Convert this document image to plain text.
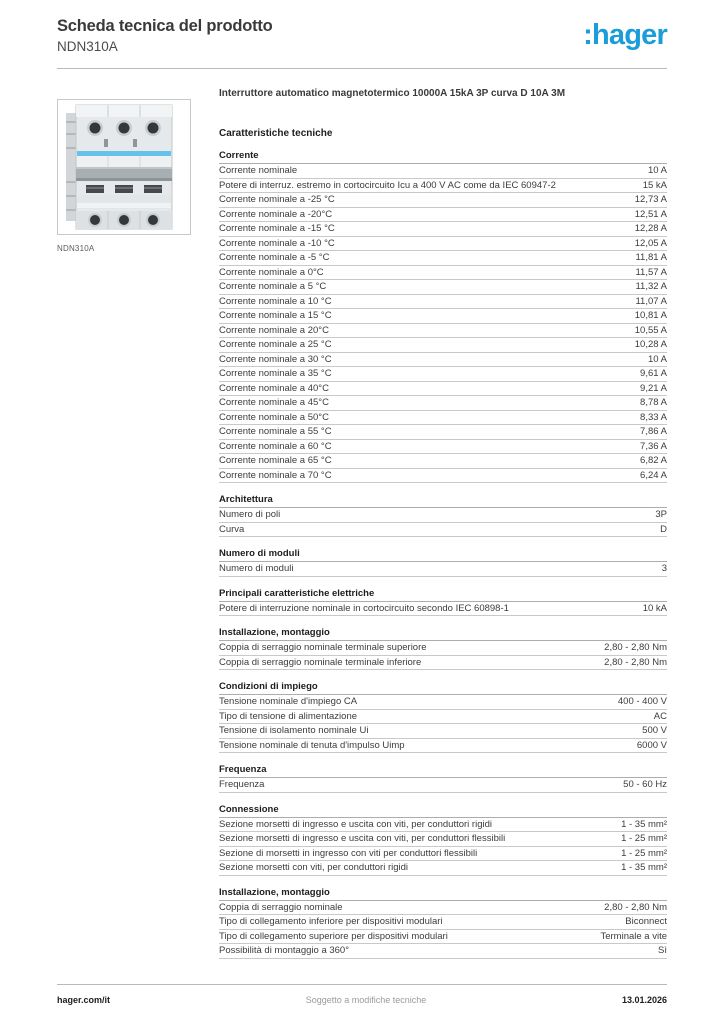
Scheda tecnica del prodotto
NDN310A	:hager
NDN310A
Interruttore automatico magnetotermico 10000A 15kA 3P curva D 10A 3M
Caratteristiche tecniche
Corrente
Corrente nominale	10 A
Potere di interruz. estremo in cortocircuito Icu a 400 V AC come da IEC 60947-2	15 kA
Corrente nominale a -25 °C	12,73 A
Corrente nominale a -20°C	12,51 A
Corrente nominale a -15 °C	12,28 A
Corrente nominale a -10 °C	12,05 A
Corrente nominale a -5 °C	11,81 A
Corrente nominale a 0°C	11,57 A
Corrente nominale a 5 °C	11,32 A
Corrente nominale a 10 °C	11,07 A
Corrente nominale a 15 °C	10,81 A
Corrente nominale a 20°C	10,55 A
Corrente nominale a 25 °C	10,28 A
Corrente nominale a 30 °C	10 A
Corrente nominale a 35 °C	9,61 A
Corrente nominale a 40°C	9,21 A
Corrente nominale a 45°C	8,78 A
Corrente nominale a 50°C	8,33 A
Corrente nominale a 55 °C	7,86 A
Corrente nominale a 60 °C	7,36 A
Corrente nominale a 65 °C	6,82 A
Corrente nominale a 70 °C	6,24 A
Architettura
Numero di poli	3P
Curva	D
Numero di moduli
Numero di moduli	3
Principali caratteristiche elettriche
Potere di interruzione nominale in cortocircuito secondo IEC 60898-1	10 kA
Installazione, montaggio
Coppia di serraggio nominale terminale superiore	2,80 - 2,80 Nm
Coppia di serraggio nominale terminale inferiore	2,80 - 2,80 Nm
Condizioni di impiego
Tensione nominale d'impiego CA	400 - 400 V
Tipo di tensione di alimentazione	AC
Tensione di isolamento nominale Ui	500 V
Tensione nominale di tenuta d'impulso Uimp	6000 V
Frequenza
Frequenza	50 - 60 Hz
Connessione
Sezione morsetti di ingresso e uscita con viti, per conduttori rigidi	1 - 35 mm²
Sezione morsetti di ingresso e uscita con viti, per conduttori flessibili	1 - 25 mm²
Sezione di morsetti in ingresso con viti per conduttori flessibili	1 - 25 mm²
Sezione morsetti con viti, per conduttori rigidi	1 - 35 mm²
Installazione, montaggio
Coppia di serraggio nominale	2,80 - 2,80 Nm
Tipo di collegamento inferiore per dispositivi modulari	Biconnect
Tipo di collegamento superiore per dispositivi modulari	Terminale a vite
Possibilità di montaggio a 360°	Sì
hager.com/it	Soggetto a modifiche tecniche	13.01.2026
